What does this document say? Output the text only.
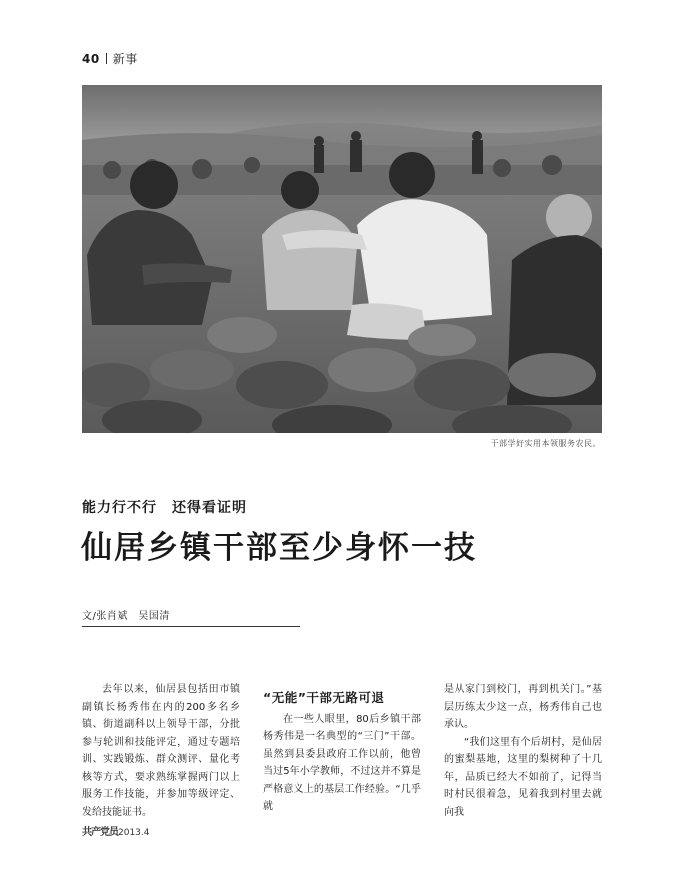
40 新事
干部学好实用本领服务农民。
能力行不行　还得看证明
仙居乡镇干部至少身怀一技
文/张肖斌　吴国清

去年以来，仙居县包括田市镇副镇长杨秀伟在内的200多名乡镇、街道副科以上领导干部，分批参与轮训和技能评定，通过专题培训、实践锻炼、群众测评、量化考核等方式，要求熟练掌握两门以上服务工作技能，并参加等级评定、发给技能证书。

“无能”干部无路可退

在一些人眼里，80后乡镇干部杨秀伟是一名典型的“三门”干部。虽然到县委县政府工作以前，他曾当过5年小学教师，不过这并不算是严格意义上的基层工作经验。“几乎就

是从家门到校门，再到机关门。”基层历练太少这一点，杨秀伟自己也承认。

“我们这里有个后胡村，是仙居的蜜梨基地，这里的梨树种了十几年，品质已经大不如前了，记得当时村民很着急，见着我到村里去就向我

共产党员2013.4
